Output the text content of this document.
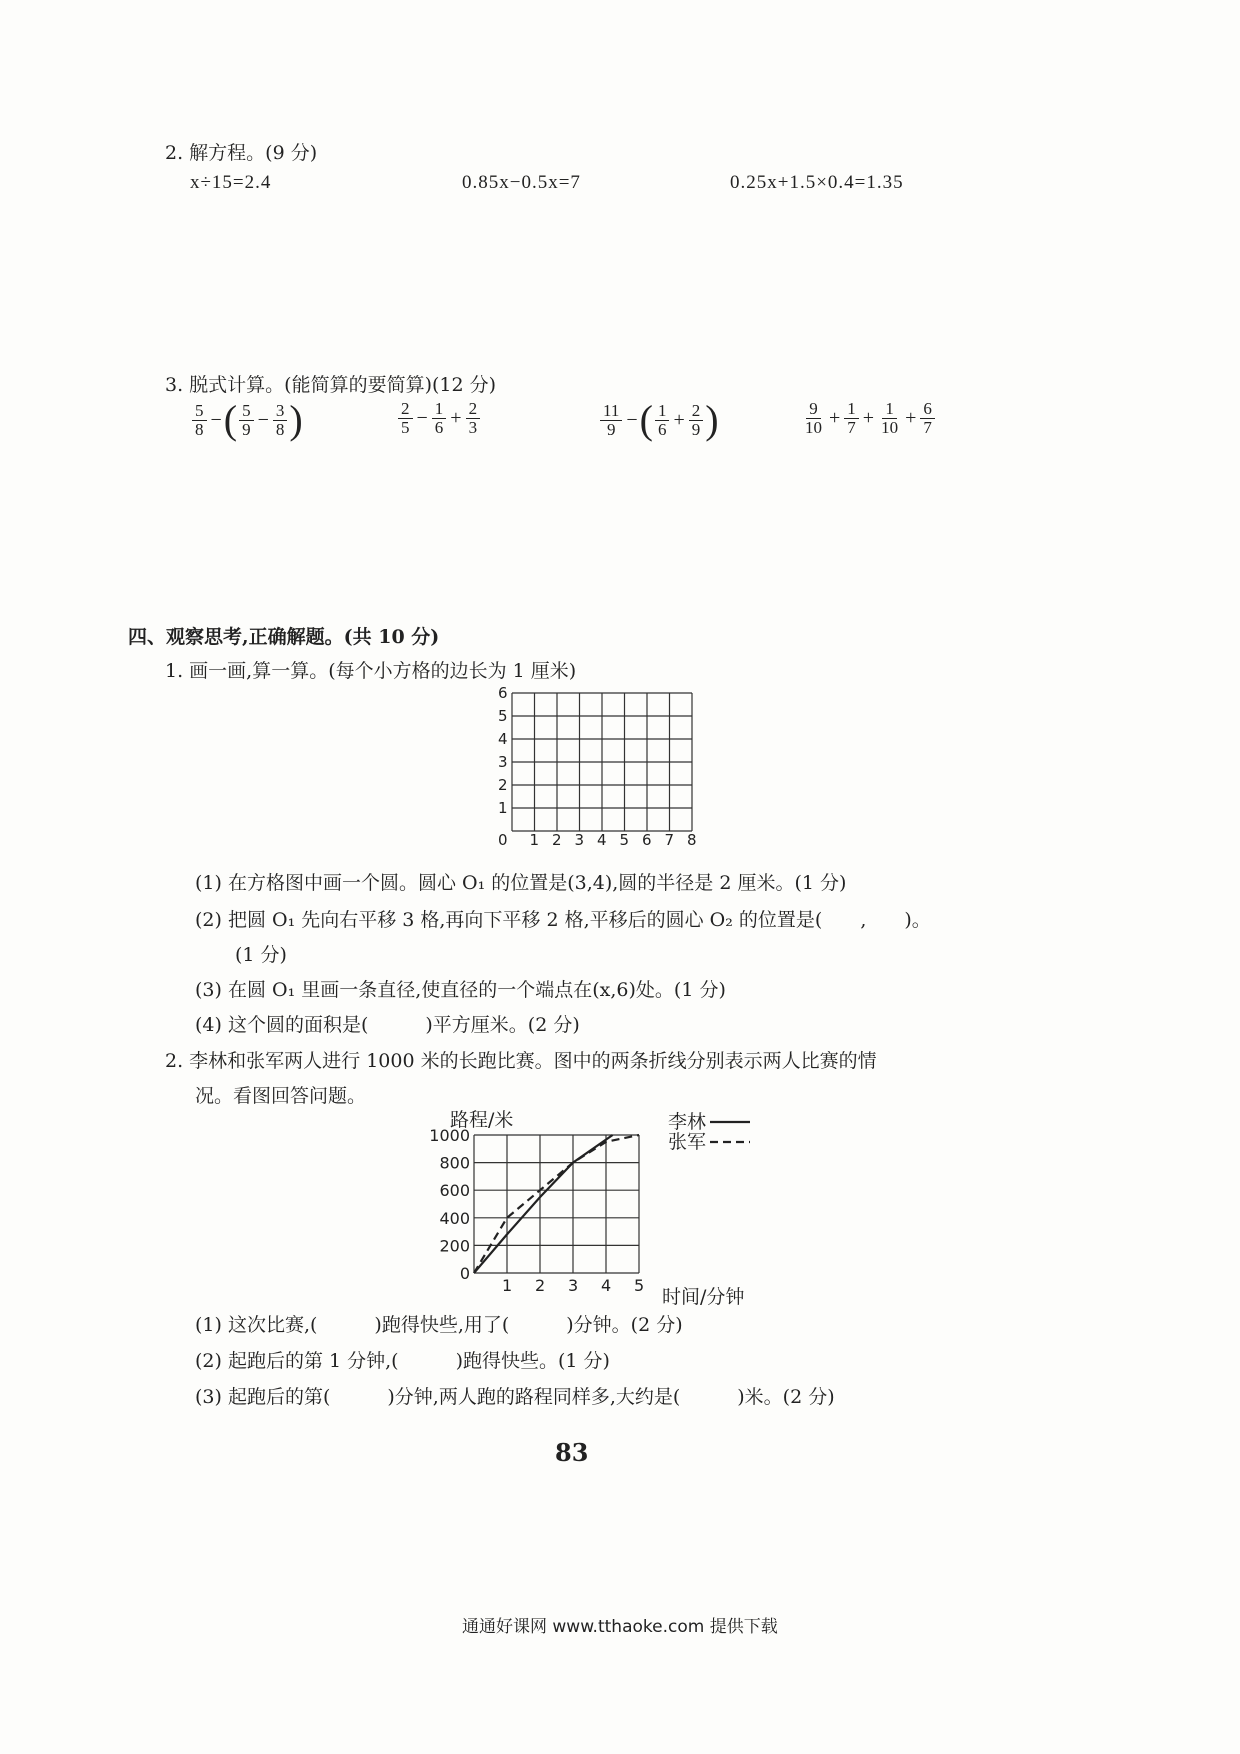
2. 解方程。(9 分)
x÷15=2.4	0.85x−0.5x=7	0.25x+1.5×0.4=1.35
3. 脱式计算。(能简算的要简算)(12 分)
$\frac{5}{8}$ − ( $\frac{5}{9} - \frac{3}{8}$ )	$\frac{2}{5} - \frac{1}{6} + \frac{2}{3}$	$\frac{11}{9}$ − ( $\frac{1}{6} + \frac{2}{9}$ )	$\frac{9}{10} + \frac{1}{7} + \frac{1}{10} + \frac{6}{7}$
四、观察思考,正确解题。(共 10 分)
1. 画一画,算一算。(每个小方格的边长为 1 厘米)
0 1 2 3 4 5 6 7 8
1
2
3
4
5
6
(1) 在方格图中画一个圆。圆心 O₁ 的位置是(3,4),圆的半径是 2 厘米。(1 分)
(2) 把圆 O₁ 先向右平移 3 格,再向下平移 2 格,平移后的圆心 O₂ 的位置是(　　,　　)。
(1 分)
(3) 在圆 O₁ 里画一条直径,使直径的一个端点在(x,6)处。(1 分)
(4) 这个圆的面积是(　　　)平方厘米。(2 分)
2. 李林和张军两人进行 1000 米的长跑比赛。图中的两条折线分别表示两人比赛的情
况。看图回答问题。
1 2 3 4 5
0
200
400
600
800
1000
路程/米
时间/分钟
李林
张军
(1) 这次比赛,(　　　)跑得快些,用了(　　　)分钟。(2 分)
(2) 起跑后的第 1 分钟,(　　　)跑得快些。(1 分)
(3) 起跑后的第(　　　)分钟,两人跑的路程同样多,大约是(　　　)米。(2 分)
83
通通好课网 www.tthaoke.com 提供下载
